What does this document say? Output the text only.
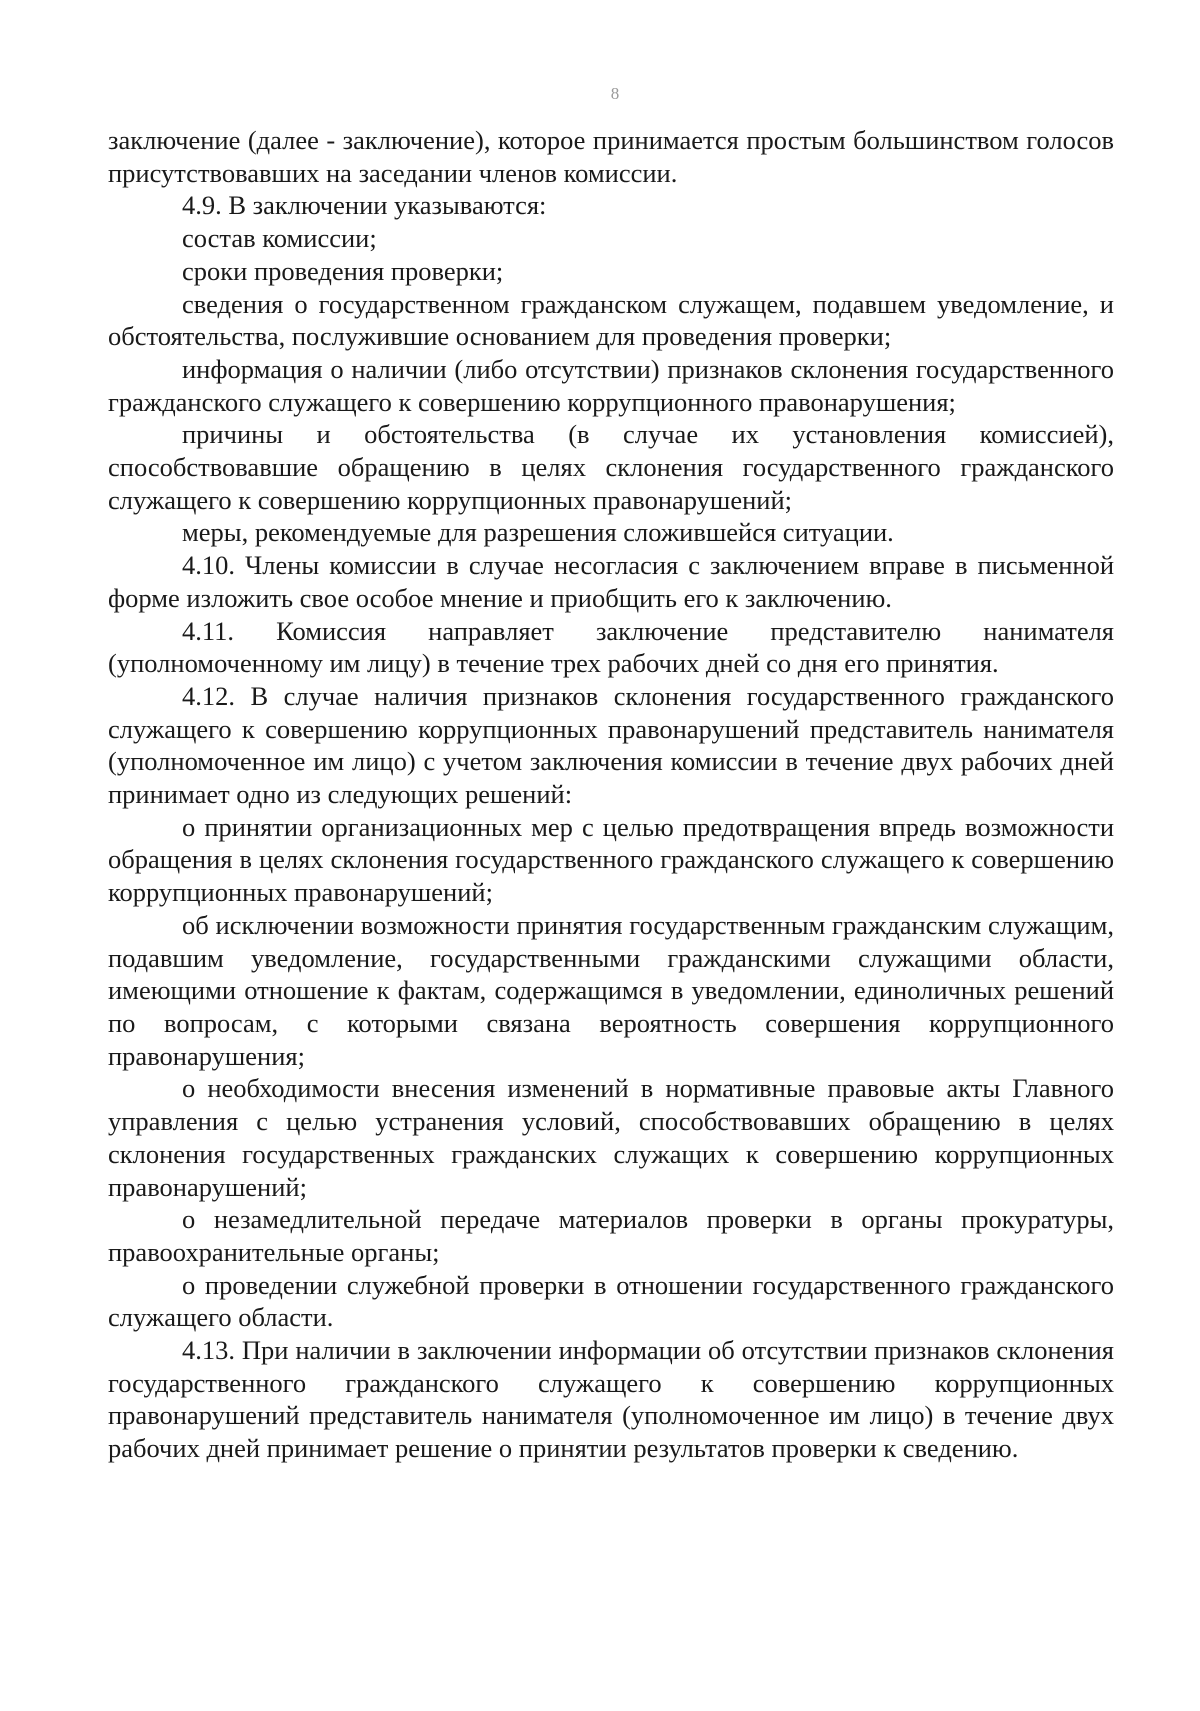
8

заключение (далее - заключение), которое принимается простым большинством голосов присутствовавших на заседании членов комиссии.

4.9. В заключении указываются:

состав комиссии;

сроки проведения проверки;

сведения о государственном гражданском служащем, подавшем уведомление, и обстоятельства, послужившие основанием для проведения проверки;

информация о наличии (либо отсутствии) признаков склонения государственного гражданского служащего к совершению коррупционного правонарушения;

причины и обстоятельства (в случае их установления комиссией), способствовавшие обращению в целях склонения государственного гражданского служащего к совершению коррупционных правонарушений;

меры, рекомендуемые для разрешения сложившейся ситуации.

4.10. Члены комиссии в случае несогласия с заключением вправе в письменной форме изложить свое особое мнение и приобщить его к заключению.

4.11. Комиссия направляет заключение представителю нанимателя (уполномоченному им лицу) в течение трех рабочих дней со дня его принятия.

4.12. В случае наличия признаков склонения государственного гражданского служащего к совершению коррупционных правонарушений представитель нанимателя (уполномоченное им лицо) с учетом заключения комиссии в течение двух рабочих дней принимает одно из следующих решений:

о принятии организационных мер с целью предотвращения впредь возможности обращения в целях склонения государственного гражданского служащего к совершению коррупционных правонарушений;

об исключении возможности принятия государственным гражданским служащим, подавшим уведомление, государственными гражданскими служащими области, имеющими отношение к фактам, содержащимся в уведомлении, единоличных решений по вопросам, с которыми связана вероятность совершения коррупционного правонарушения;

о необходимости внесения изменений в нормативные правовые акты Главного управления с целью устранения условий, способствовавших обращению в целях склонения государственных гражданских служащих к совершению коррупционных правонарушений;

о незамедлительной передаче материалов проверки в органы прокуратуры, правоохранительные органы;

о проведении служебной проверки в отношении государственного гражданского служащего области.

4.13. При наличии в заключении информации об отсутствии признаков склонения государственного гражданского служащего к совершению коррупционных правонарушений представитель нанимателя (уполномоченное им лицо) в течение двух рабочих дней принимает решение о принятии результатов проверки к сведению.
